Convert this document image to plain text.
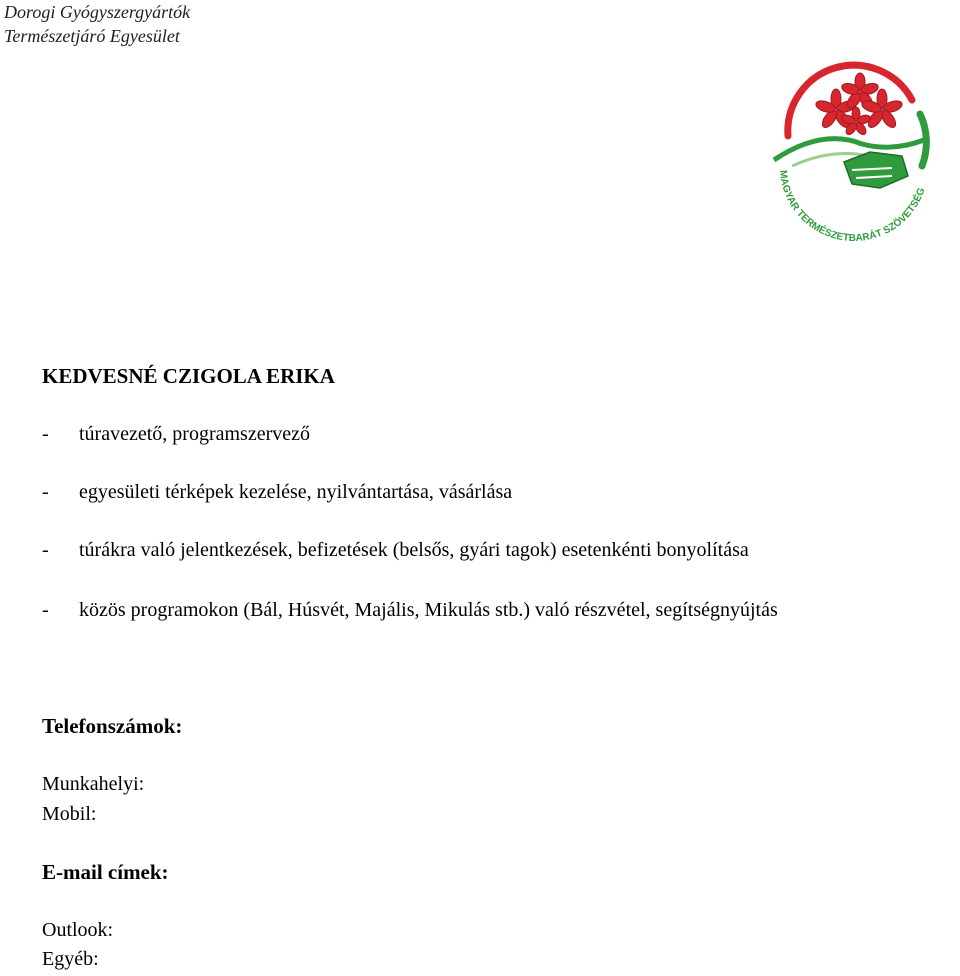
Dorogi Gyógyszergyártók
Természetjáró Egyesület
MAGYAR TERMÉSZETBARÁT SZÖVETSÉG
KEDVESNÉ CZIGOLA ERIKA
- túravezető, programszervező
- egyesületi térképek kezelése, nyilvántartása, vásárlása
- túrákra való jelentkezések, befizetések (belsős, gyári tagok) esetenkénti bonyolítása
- közös programokon (Bál, Húsvét, Majális, Mikulás stb.) való részvétel, segítségnyújtás
Telefonszámok:
Munkahelyi:
Mobil:
E-mail címek:
Outlook:
Egyéb:
